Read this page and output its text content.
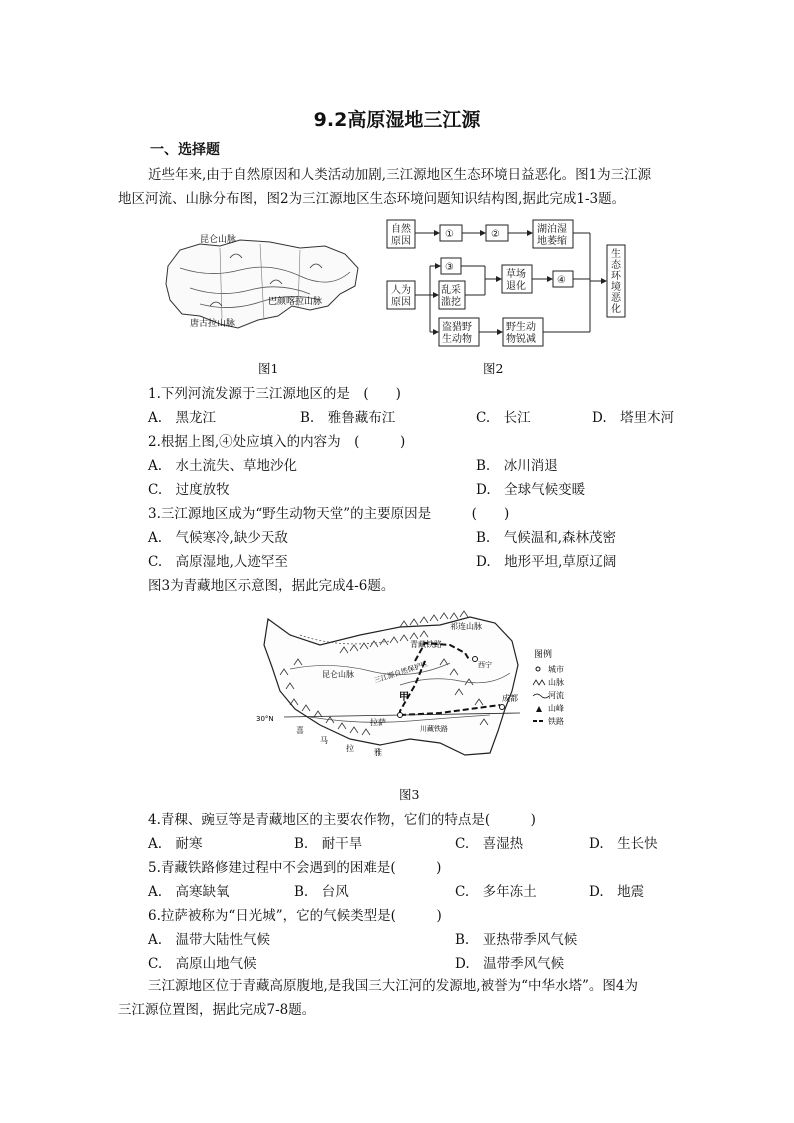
9.2高原湿地三江源
一、选择题
近些年来,由于自然原因和人类活动加剧,三江源地区生态环境日益恶化。图1为三江源
地区河流、山脉分布图，图2为三江源地区生态环境问题知识结构图,据此完成1-3题。
昆仑山脉
巴颜喀拉山脉
唐古拉山脉
自然
原因
①	②	湖泊湿
地萎缩
人为
原因
③
乱采
滥挖
草场
退化
④
盗猎野
生动物
野生动
物锐减
生
态
环
境
恶
化
图1	图2
1.下列河流发源于三江源地区的是　(　　)
A.　黑龙江	B.　雅鲁藏布江	C.　长江	D.　塔里木河
2.根据上图,④处应填入的内容为　(　　　)
A.　水土流失、草地沙化	B.　冰川消退
C.　过度放牧	D.　全球气候变暖
3.三江源地区成为“野生动物天堂”的主要原因是　　　(　　)
A.　气候寒冷,缺少天敌	B.　气候温和,森林茂密
C.　高原湿地,人迹罕至	D.　地形平坦,草原辽阔
图3为青藏地区示意图，据此完成4-6题。
祁连山脉
青藏铁路
西宁
昆仑山脉	三江源自然保护区
甲
30°N	拉萨
成都
川藏铁路
喜
马
拉	雅
图例
城市
山脉
河流
山峰
铁路
图3
4.青稞、豌豆等是青藏地区的主要农作物，它们的特点是(　　　)
A.　耐寒	B.　耐干旱	C.　喜湿热	D.　生长快
5.青藏铁路修建过程中不会遇到的困难是(　　　)
A.　高寒缺氧	B.　台风	C.　多年冻土	D.　地震
6.拉萨被称为“日光城”，它的气候类型是(　　　)
A.　温带大陆性气候	B.　亚热带季风气候
C.　高原山地气候	D.　温带季风气候
三江源地区位于青藏高原腹地,是我国三大江河的发源地,被誉为“中华水塔”。图4为
三江源位置图，据此完成7-8题。
